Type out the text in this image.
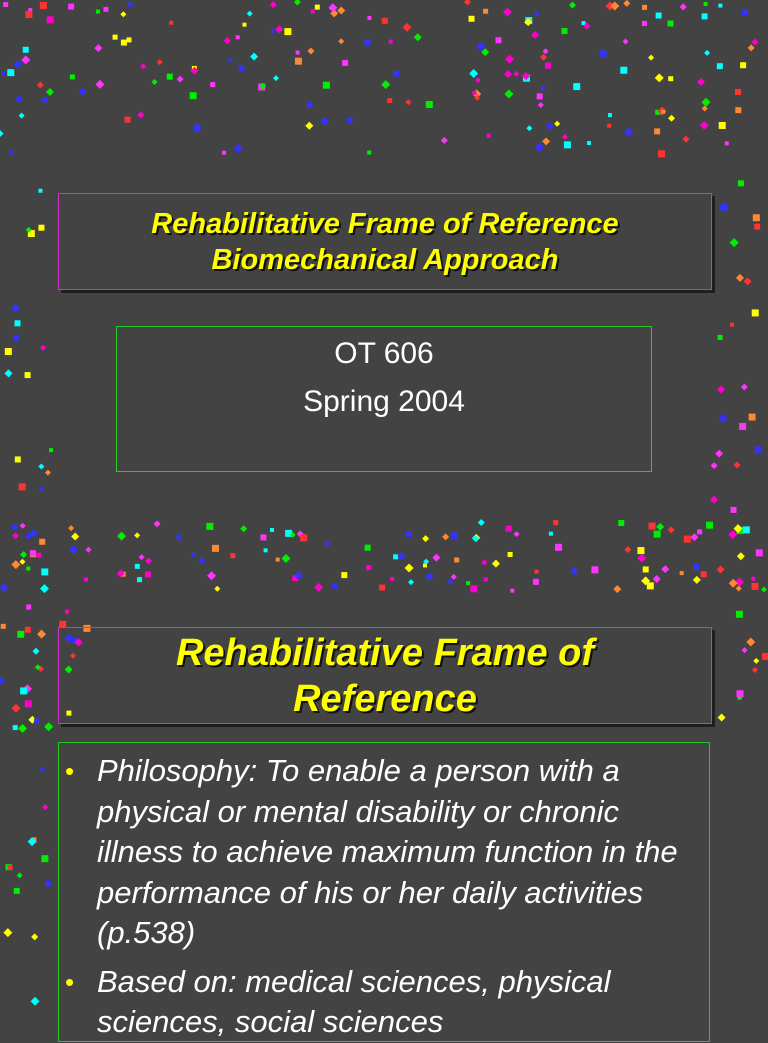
Rehabilitative Frame of Reference
Biomechanical Approach
OT 606
Spring 2004
Rehabilitative Frame of
Reference
• Philosophy: To enable a person with a physical or mental disability or chronic illness to achieve maximum function in the performance of his or her daily activities (p.538)
• Based on: medical sciences, physical sciences, social sciences
